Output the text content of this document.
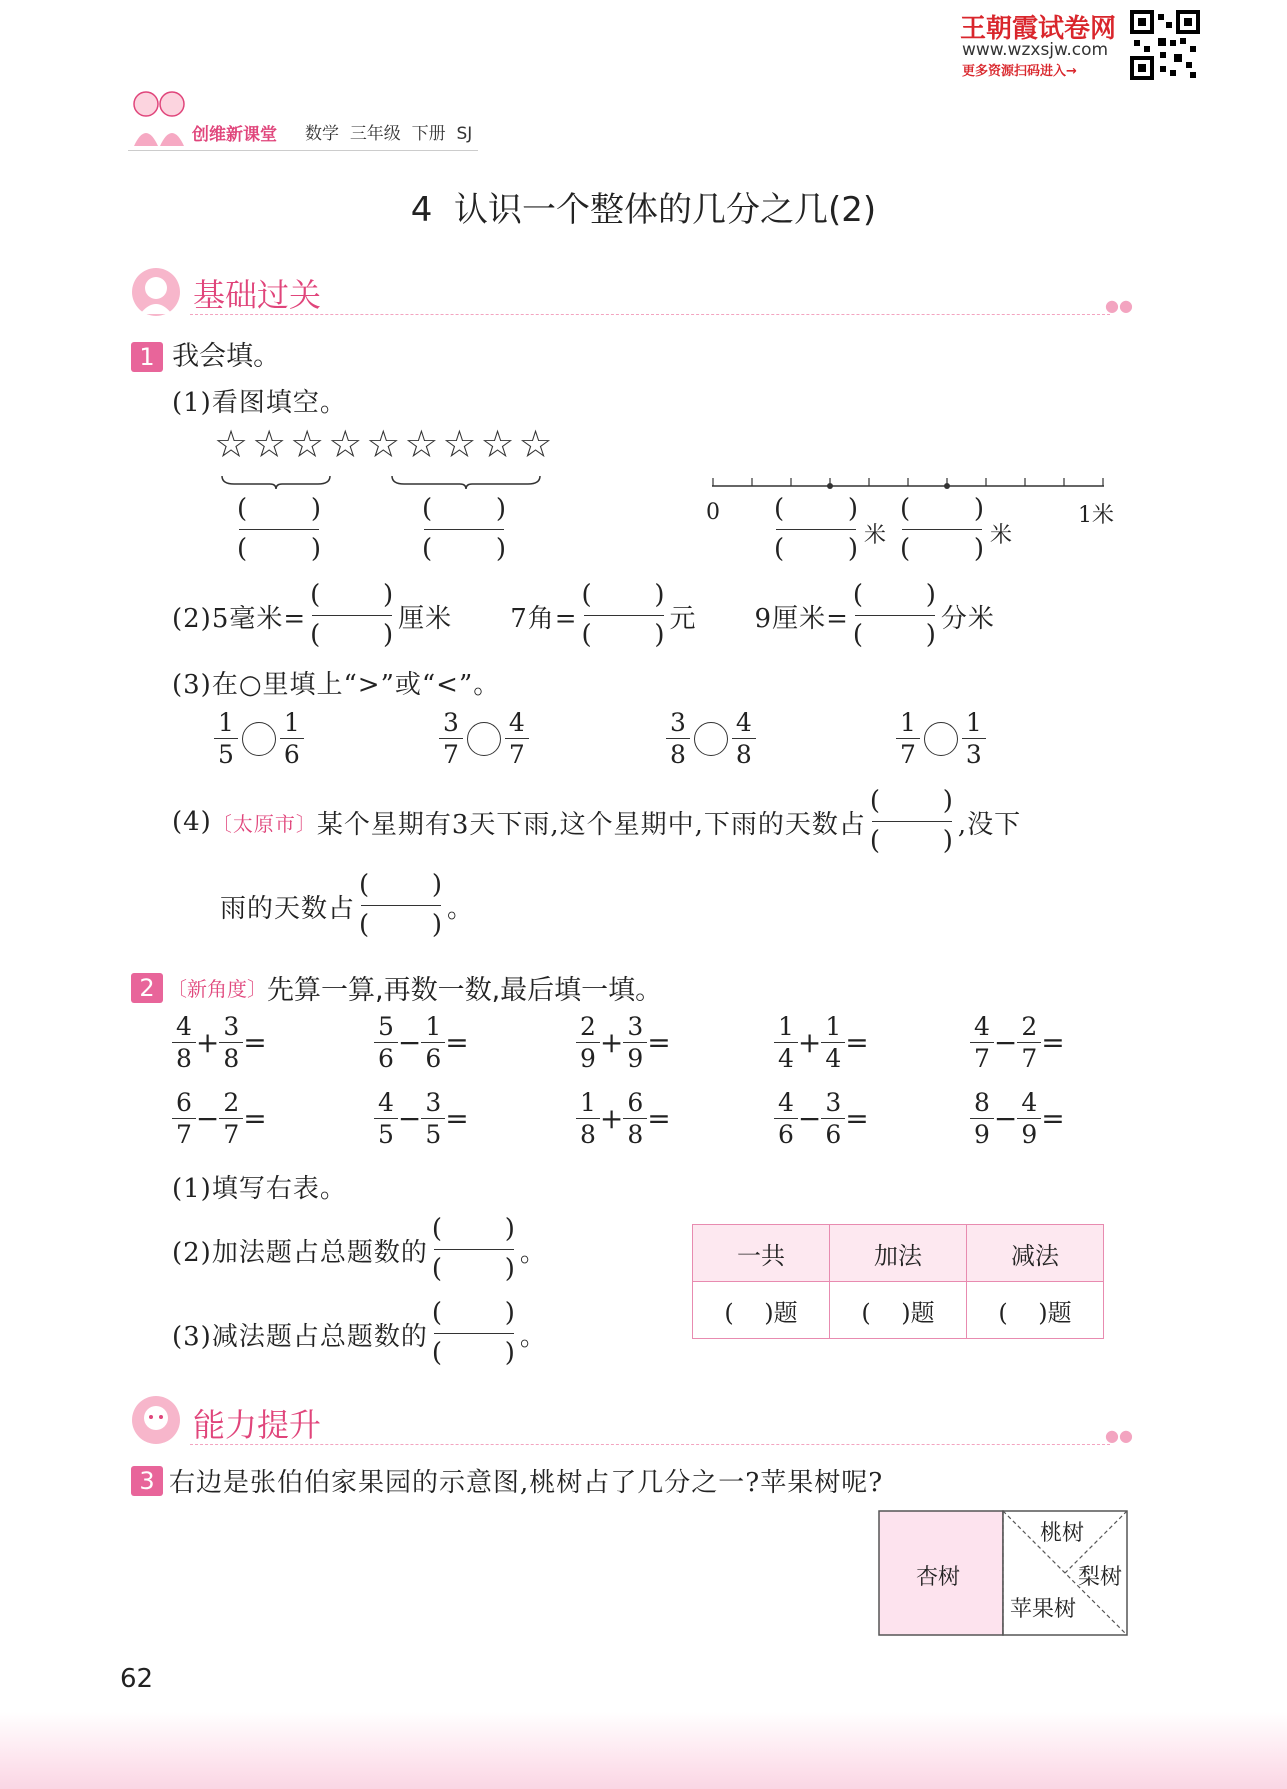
王朝霞试卷网
www.wzxsjw.com
更多资源扫码进入→
创维新课堂 数学 三年级 下册 SJ
4  认识一个整体的几分之几(2)
基础过关	●●
1 我会填。
(1)看图填空。
☆☆☆☆☆☆☆☆☆
( )
( )
( )
( )
0	1米
( )
( ) 米
( )
( ) 米
(2)5毫米=
( )
( )
厘米 7角=
( )
( )
元 9厘米=
( )
( )
分米
(3)在○里填上“>”或“<”。
$\frac{1}{5} \frac{1}{6}$	$\frac{3}{7} \frac{4}{7}$	$\frac{3}{8} \frac{4}{8}$	$\frac{1}{7} \frac{1}{3}$
(4) 〔太原市〕 某个星期有3天下雨,这个星期中,下雨的天数占
( )
( )
,没下
雨的天数占
( )
( )
。
2 〔新角度〕 先算一算,再数一数,最后填一填。
$\frac{4}{8} + \frac{3}{8}$ =	$\frac{5}{6} - \frac{1}{6}$ =	$\frac{2}{9} + \frac{3}{9}$ =	$\frac{1}{4} + \frac{1}{4}$ =	$\frac{4}{7} - \frac{2}{7}$ =
$\frac{6}{7} - \frac{2}{7}$ =	$\frac{4}{5} - \frac{3}{5}$ =	$\frac{1}{8} + \frac{6}{8}$ =	$\frac{4}{6} - \frac{3}{6}$ =	$\frac{8}{9} - \frac{4}{9}$ =
(1)填写右表。
(2)加法题占总题数的
( )
( )
。
(3)减法题占总题数的
( )
( )
。
一共	加法	减法
(    )题	(    )题	(    )题
能力提升	●●
3 右边是张伯伯家果园的示意图,桃树占了几分之一?苹果树呢?
杏树
桃树
梨树
苹果树
62
